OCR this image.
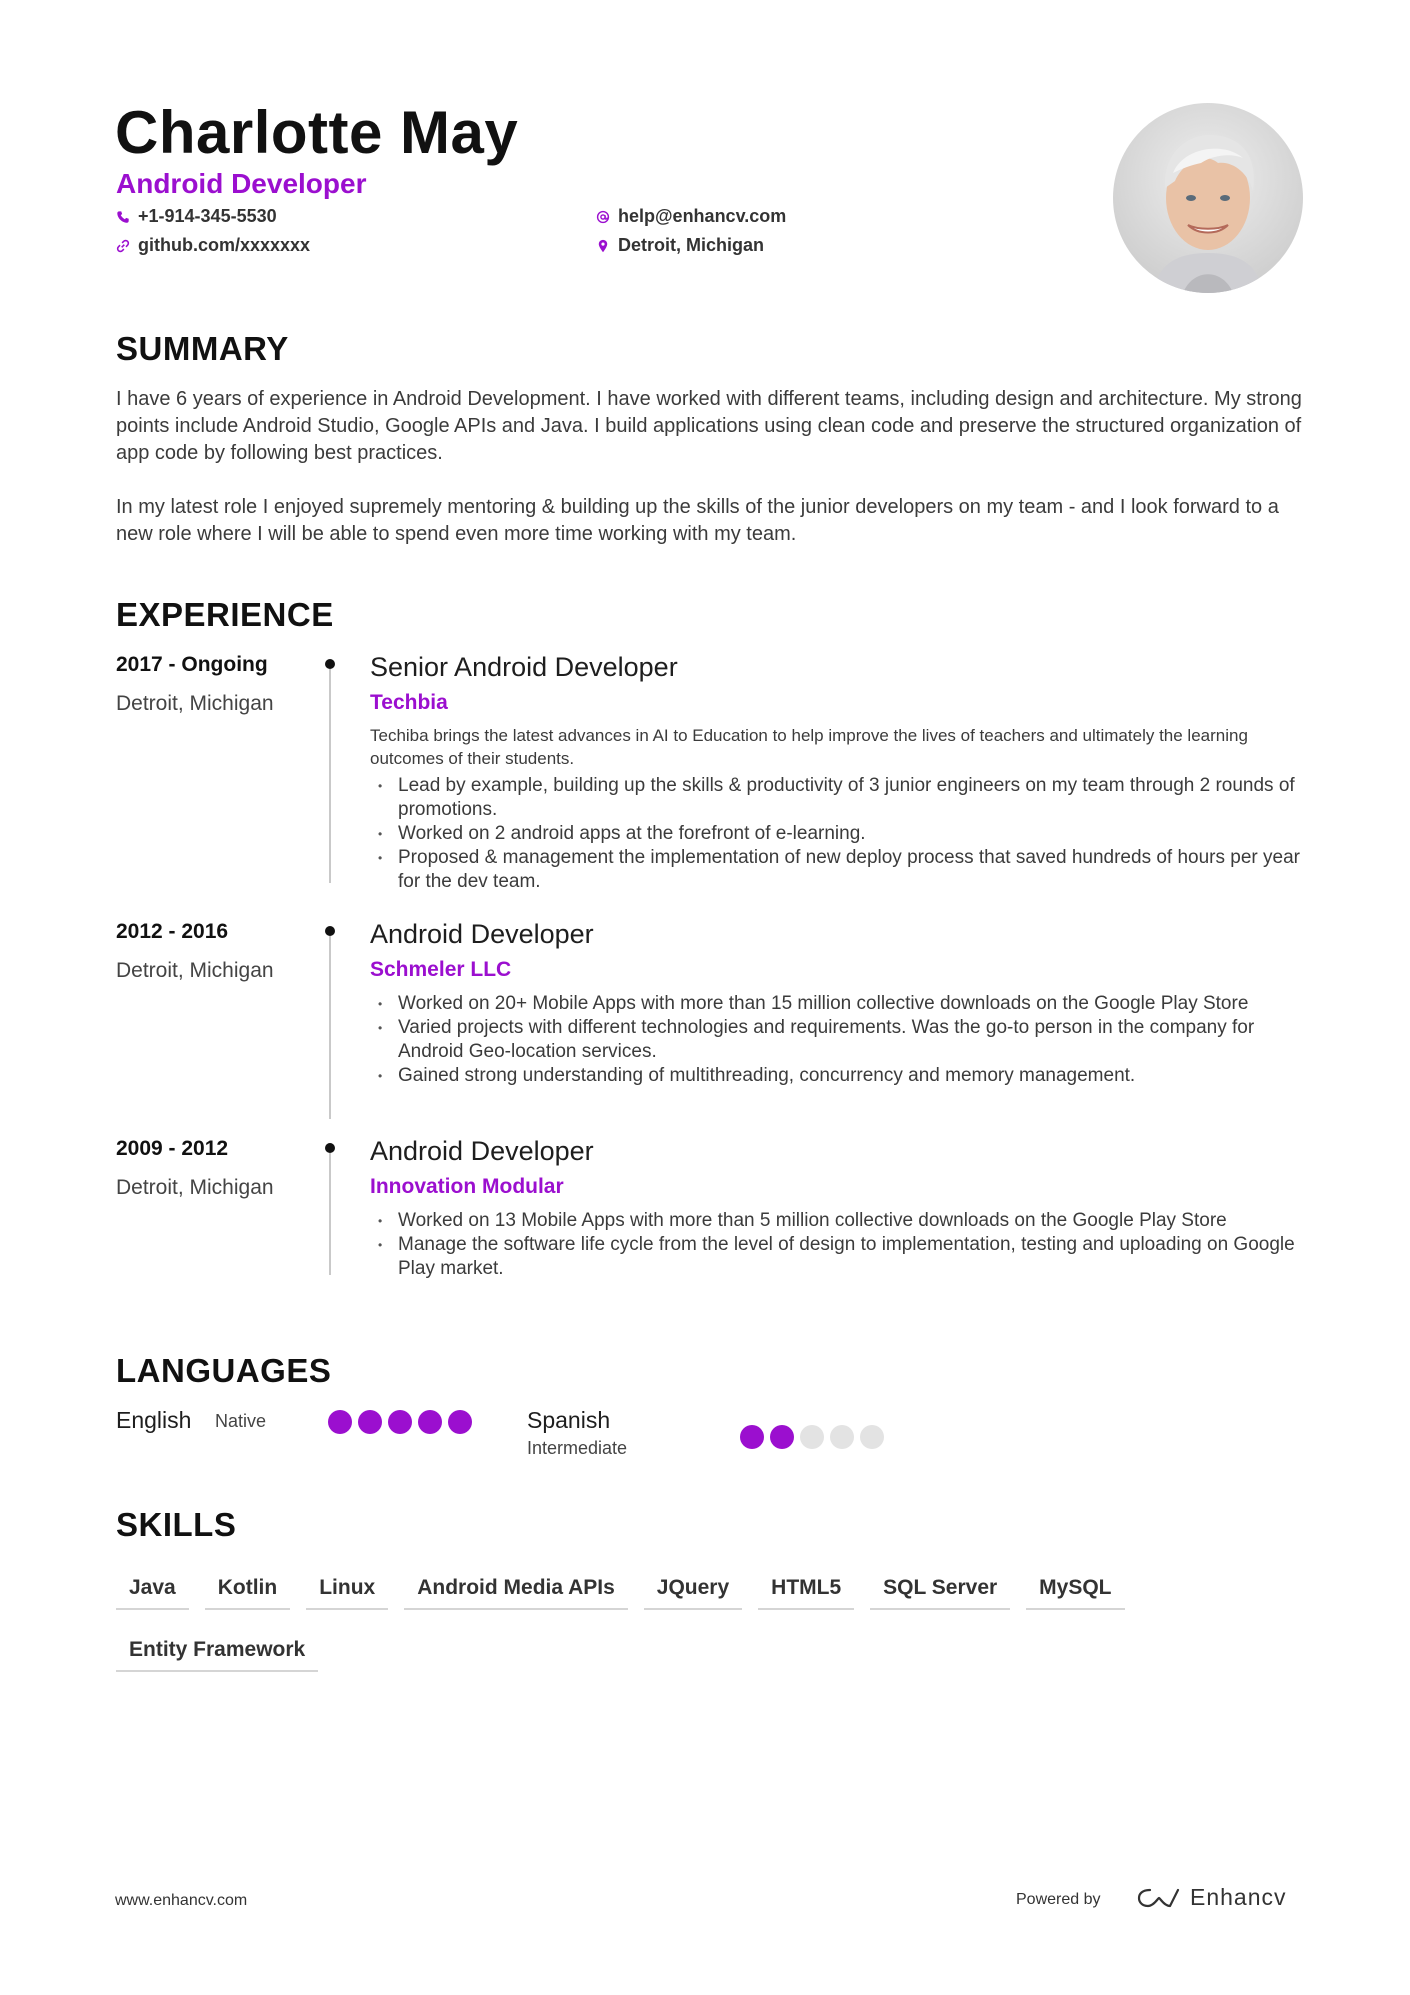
Charlotte May
Android Developer
+1-914-345-5530	help@enhancv.com
github.com/xxxxxxx	Detroit, Michigan
SUMMARY

I have 6 years of experience in Android Development. I have worked with different teams, including design and architecture. My strong points include Android Studio, Google APIs and Java. I build applications using clean code and preserve the structured organization of app code by following best practices.

In my latest role I enjoyed supremely mentoring & building up the skills of the junior developers on my team - and I look forward to a new role where I will be able to spend even more time working with my team.

EXPERIENCE
2017 - Ongoing
Detroit, Michigan
Senior Android Developer
Techbia

Techiba brings the latest advances in AI to Education to help improve the lives of teachers and ultimately the learning outcomes of their students.

• Lead by example, building up the skills & productivity of 3 junior engineers on my team through 2 rounds of promotions.
• Worked on 2 android apps at the forefront of e-learning.
• Proposed & management the implementation of new deploy process that saved hundreds of hours per year for the dev team.
2012 - 2016
Detroit, Michigan
Android Developer
Schmeler LLC
• Worked on 20+ Mobile Apps with more than 15 million collective downloads on the Google Play Store
• Varied projects with different technologies and requirements. Was the go-to person in the company for Android Geo-location services.
• Gained strong understanding of multithreading, concurrency and memory management.
2009 - 2012
Detroit, Michigan
Android Developer
Innovation Modular
• Worked on 13 Mobile Apps with more than 5 million collective downloads on the Google Play Store
• Manage the software life cycle from the level of design to implementation, testing and uploading on Google Play market.
LANGUAGES
English Native	Spanish
Intermediate
SKILLS
Java	Kotlin	Linux	Android Media APIs	JQuery	HTML5	SQL Server	MySQL
Entity Framework
www.enhancv.com	Powered by	Enhancv
